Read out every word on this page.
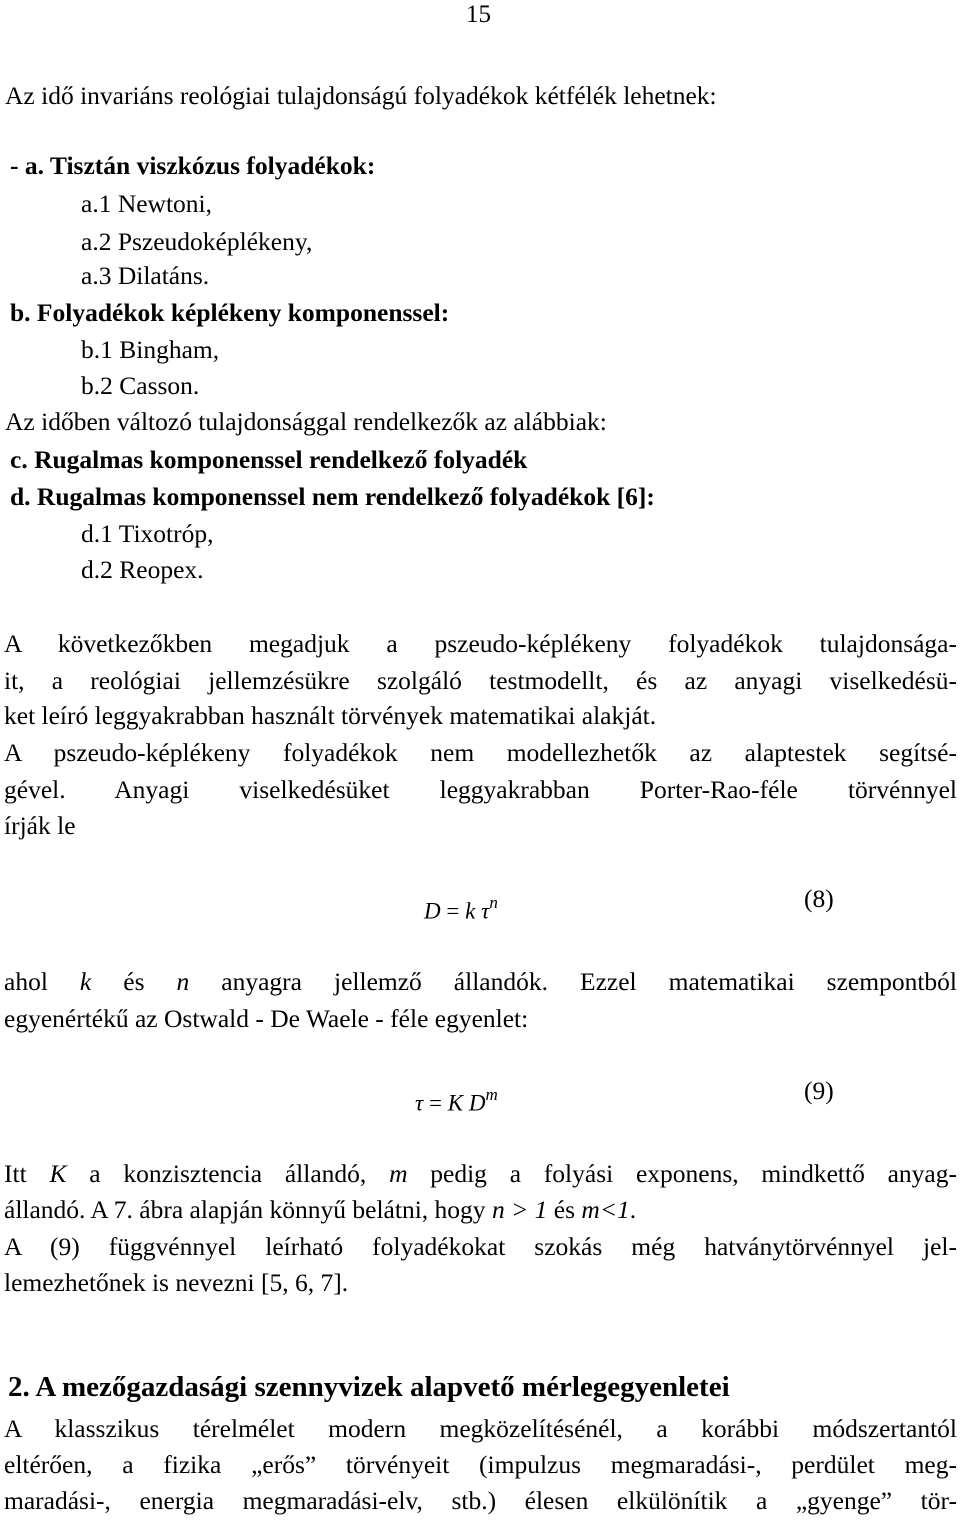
15
Az idő invariáns reológiai tulajdonságú folyadékok kétfélék lehetnek:
- a. Tisztán viszkózus folyadékok:
a.1 Newtoni,
a.2 Pszeudoképlékeny,
a.3 Dilatáns.
b. Folyadékok képlékeny komponenssel:
b.1 Bingham,
b.2 Casson.
Az időben változó tulajdonsággal rendelkezők az alábbiak:
c. Rugalmas komponenssel rendelkező folyadék
d. Rugalmas komponenssel nem rendelkező folyadékok [6]:
d.1 Tixotróp,
d.2 Reopex.
A következőkben megadjuk a pszeudo-képlékeny folyadékok tulajdonsága-
it, a reológiai jellemzésükre szolgáló testmodellt, és az anyagi viselkedésü-
ket leíró leggyakrabban használt törvények matematikai alakját.
A pszeudo-képlékeny folyadékok nem modellezhetők az alaptestek segítsé-
gével. Anyagi viselkedésüket leggyakrabban Porter-Rao-féle törvénnyel
írják le
D = k $\tau^n$	(8)
ahol k és n anyagra jellemző állandók. Ezzel matematikai szempontból
egyenértékű az Ostwald - De Waele - féle egyenlet:
τ = K $D^m$	(9)
Itt K a konzisztencia állandó, m pedig a folyási exponens, mindkettő anyag-
állandó. A 7. ábra alapján könnyű belátni, hogy n > 1 és m<1.
A (9) függvénnyel leírható folyadékokat szokás még hatványtörvénnyel jel-
lemezhetőnek is nevezni [5, 6, 7].
2. A mezőgazdasági szennyvizek alapvető mérlegegyenletei
A klasszikus térelmélet modern megközelítésénél, a korábbi módszertantól
eltérően, a fizika „erős” törvényeit (impulzus megmaradási-, perdület meg-
maradási-, energia megmaradási-elv, stb.) élesen elkülönítik a „gyenge” tör-
